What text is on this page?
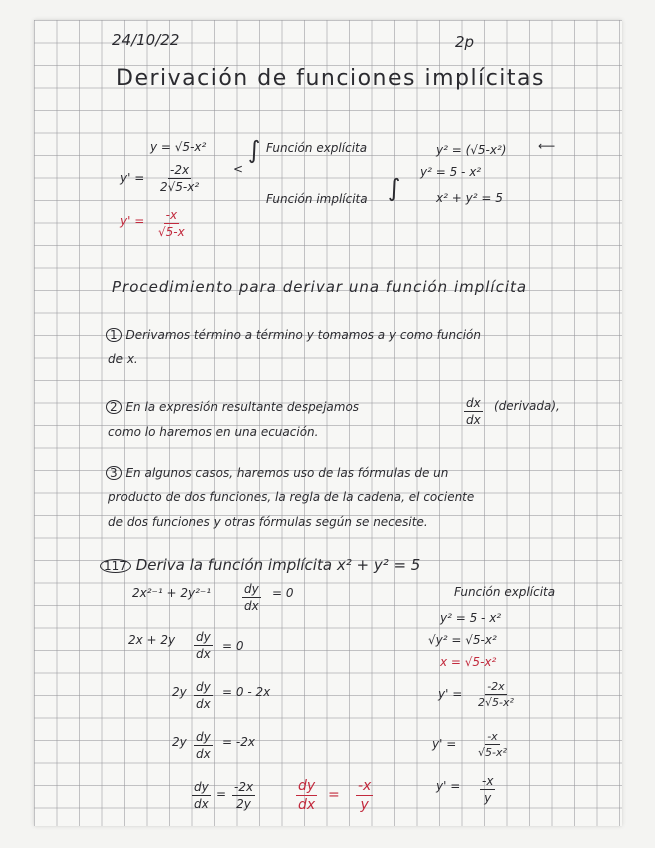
24/10/22	2p
Derivación de funciones implícitas
y = √5-x²
$y' = \frac{-2x}{\text{2√5-x²}}$	<
$y' = \frac{-x}{√5-x}$
∫ Función explícita
Función implícita ∫
y² = (√5-x²)	⟵
y² = 5 - x²
x² + y² = 5
Procedimiento para derivar una función implícita
1 Derivamos término a término y tomamos a y como función
de x.
2 En la expresión resultante despejamos	$\frac{dx}{dx}$ (derivada),
como lo haremos en una ecuación.
3 En algunos casos, haremos uso de las fórmulas de un
producto de dos funciones, la regla de la cadena, el cociente
de dos funciones y otras fórmulas según se necesite.
117 Deriva la función implícita x² + y² = 5
2x²⁻¹ + 2y²⁻¹	$\frac{dy}{dx} = 0$
$2x + 2y \frac{dy}{dx} = 0$
$2y \frac{dy}{dx} = 0 - 2x$
$2y \frac{dy}{dx} = -2x$
$\frac{dy}{dx} = \frac{-2x}{2y}$	$\frac{dy}{dx} = \frac{-x}{y}$
Función explícita
y² = 5 - x²
√y² = √5-x²
x = √5-x²
$y' = \frac{-2x}{\text{2√5-x²}}$
$y' = \frac{-x}{\text{√5-x²}}$
$y' = \frac{-x}{y}$
